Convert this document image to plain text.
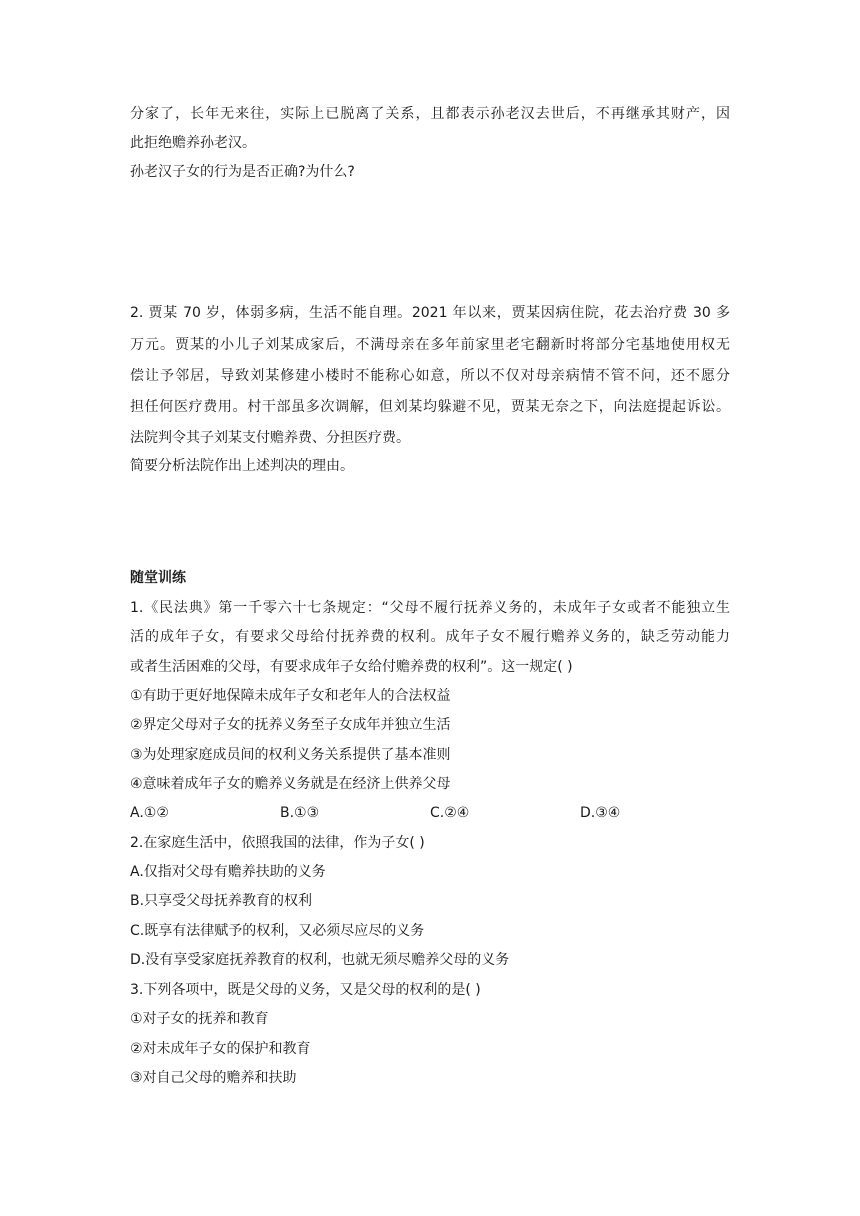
分家了，长年无来往，实际上已脱离了关系，且都表示孙老汉去世后，不再继承其财产，因
此拒绝赡养孙老汉。
孙老汉子女的行为是否正确?为什么?
2. 贾某 70 岁，体弱多病，生活不能自理。2021 年以来，贾某因病住院，花去治疗费 30 多
万元。贾某的小儿子刘某成家后，不满母亲在多年前家里老宅翻新时将部分宅基地使用权无
偿让予邻居，导致刘某修建小楼时不能称心如意，所以不仅对母亲病情不管不问，还不愿分
担任何医疗费用。村干部虽多次调解，但刘某均躲避不见，贾某无奈之下，向法庭提起诉讼。
法院判令其子刘某支付赡养费、分担医疗费。
简要分析法院作出上述判决的理由。
随堂训练
1.《民法典》第一千零六十七条规定：“父母不履行抚养义务的，未成年子女或者不能独立生
活的成年子女，有要求父母给付抚养费的权利。成年子女不履行赡养义务的，缺乏劳动能力
或者生活困难的父母，有要求成年子女给付赡养费的权利”。这一规定( )
①有助于更好地保障未成年子女和老年人的合法权益
②界定父母对子女的抚养义务至子女成年并独立生活
③为处理家庭成员间的权利义务关系提供了基本准则
④意味着成年子女的赡养义务就是在经济上供养父母
A.①②	B.①③	C.②④	D.③④
2.在家庭生活中，依照我国的法律，作为子女( )
A.仅指对父母有赡养扶助的义务
B.只享受父母抚养教育的权利
C.既享有法律赋予的权利，又必须尽应尽的义务
D.没有享受家庭抚养教育的权利，也就无须尽赡养父母的义务
3.下列各项中，既是父母的义务，又是父母的权利的是( )
①对子女的抚养和教育
②对未成年子女的保护和教育
③对自己父母的赡养和扶助
